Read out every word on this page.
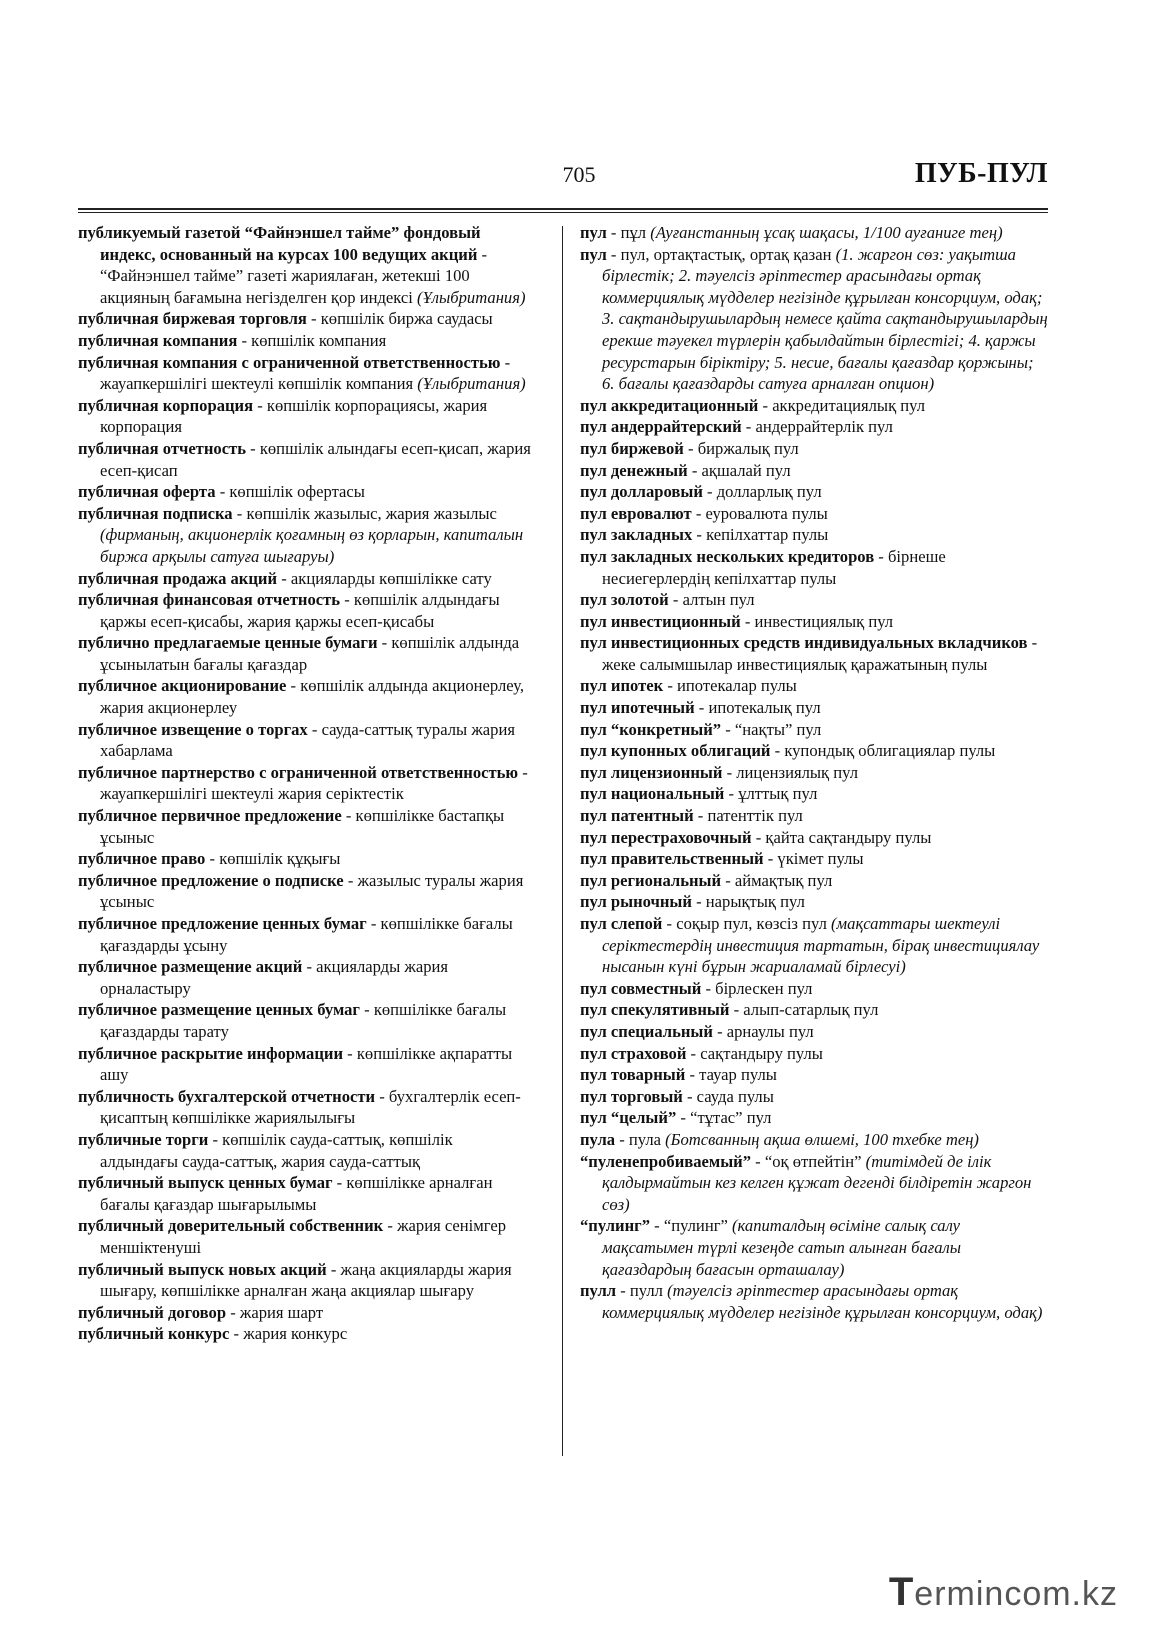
705	ПУБ-ПУЛ

публикуемый газетой “Файнэншел тайме” фондовый индекс, основанный на курсах 100 ведущих акций - “Файнэншел тайме” газеті жариялаған, жетекші 100 акцияның бағамына негізделген қор индексі (Ұлыбритания)

публичная биржевая торговля - көпшілік биржа саудасы

публичная компания - көпшілік компания

публичная компания с ограниченной ответственностью - жауапкершілігі шектеулі көпшілік компания (Ұлыбритания)

публичная корпорация - көпшілік корпорациясы, жария корпорация

публичная отчетность - көпшілік алындағы есеп-қисап, жария есеп-қисап

публичная оферта - көпшілік офертасы

публичная подписка - көпшілік жазылыс, жария жазылыс (фирманың, акционерлік қоғамның өз қорларын, капиталын биржа арқылы сатуға шығаруы)

публичная продажа акций - акцияларды көпшілікке сату

публичная финансовая отчетность - көпшілік алдындағы қаржы есеп-қисабы, жария қаржы есеп-қисабы

публично предлагаемые ценные бумаги - көпшілік алдында ұсынылатын бағалы қағаздар

публичное акционирование - көпшілік алдында акционерлеу, жария акционерлеу

публичное извещение о торгах - сауда-саттық туралы жария хабарлама

публичное партнерство с ограниченной ответственностью - жауапкершілігі шектеулі жария серіктестік

публичное первичное предложение - көпшілікке бастапқы ұсыныс

публичное право - көпшілік құқығы

публичное предложение о подписке - жазылыс туралы жария ұсыныс

публичное предложение ценных бумаг - көпшілікке бағалы қағаздарды ұсыну

публичное размещение акций - акцияларды жария орналастыру

публичное размещение ценных бумаг - көпшілікке бағалы қағаздарды тарату

публичное раскрытие информации - көпшілікке ақпаратты ашу

публичность бухгалтерской отчетности - бухгалтерлік есеп-қисаптың көпшілікке жариялылығы

публичные торги - көпшілік сауда-саттық, көпшілік алдындағы сауда-саттық, жария сауда-саттық

публичный выпуск ценных бумаг - көпшілікке арналған бағалы қағаздар шығарылымы

публичный доверительный собственник - жария сенімгер меншіктенуші

публичный выпуск новых акций - жаңа акцияларды жария шығару, көпшілікке арналған жаңа акциялар шығару

публичный договор - жария шарт

публичный конкурс - жария конкурс

пул - пұл (Ауғанстанның ұсақ шақасы, 1/100 ауғаниге тең)

пул - пул, ортақтастық, ортақ қазан (1. жаргон сөз: уақытша бірлестік; 2. тәуелсіз әріптестер арасындағы ортақ коммерциялық мүдделер негізінде құрылған консорциум, одақ; 3. сақтандырушылардың немесе қайта сақтандырушылардың ерекше тәуекел түрлерін қабылдайтын бірлестігі; 4. қаржы ресурстарын біріктіру; 5. несие, бағалы қағаздар қоржыны; 6. бағалы қағаздарды сатуға арналған опцион)

пул аккредитационный - аккредитациялық пул

пул андеррайтерский - андеррайтерлік пул

пул биржевой - биржалық пул

пул денежный - ақшалай пул

пул долларовый - долларлық пул

пул евровалют - еуровалюта пулы

пул закладных - кепілхаттар пулы

пул закладных нескольких кредиторов - бірнеше несиегерлердің кепілхаттар пулы

пул золотой - алтын пул

пул инвестиционный - инвестициялық пул

пул инвестиционных средств индивидуальных вкладчиков - жеке салымшылар инвестициялық қаражатының пулы

пул ипотек - ипотекалар пулы

пул ипотечный - ипотекалық пул

пул “конкретный” - “нақты” пул

пул купонных облигаций - купондық облигациялар пулы

пул лицензионный - лицензиялық пул

пул национальный - ұлттық пул

пул патентный - патенттік пул

пул перестраховочный - қайта сақтандыру пулы

пул правительственный - үкімет пулы

пул региональный - аймақтық пул

пул рыночный - нарықтық пул

пул слепой - соқыр пул, көзсіз пул (мақсаттары шектеулі серіктестердің инвестиция тартатын, бірақ инвестициялау нысанын күні бұрын жариаламай бірлесуі)

пул совместный - бірлескен пул

пул спекулятивный - алып-сатарлық пул

пул специальный - арнаулы пул

пул страховой - сақтандыру пулы

пул товарный - тауар пулы

пул торговый - сауда пулы

пул “целый” - “тұтас” пул

пула - пула (Ботсванның ақша өлшемі, 100 тхебке тең)

“пуленепробиваемый” - “оқ өтпейтін” (титімдей де ілік қалдырмайтын кез келген құжат дегенді білдіретін жаргон сөз)

“пулинг” - “пулинг” (капиталдың өсіміне салық салу мақсатымен түрлі кезеңде сатып алынған бағалы қағаздардың бағасын орташалау)

пулл - пулл (тәуелсіз әріптестер арасындағы ортақ коммерциялық мүдделер негізінде құрылған консорциум, одақ)

Termincom.kz
